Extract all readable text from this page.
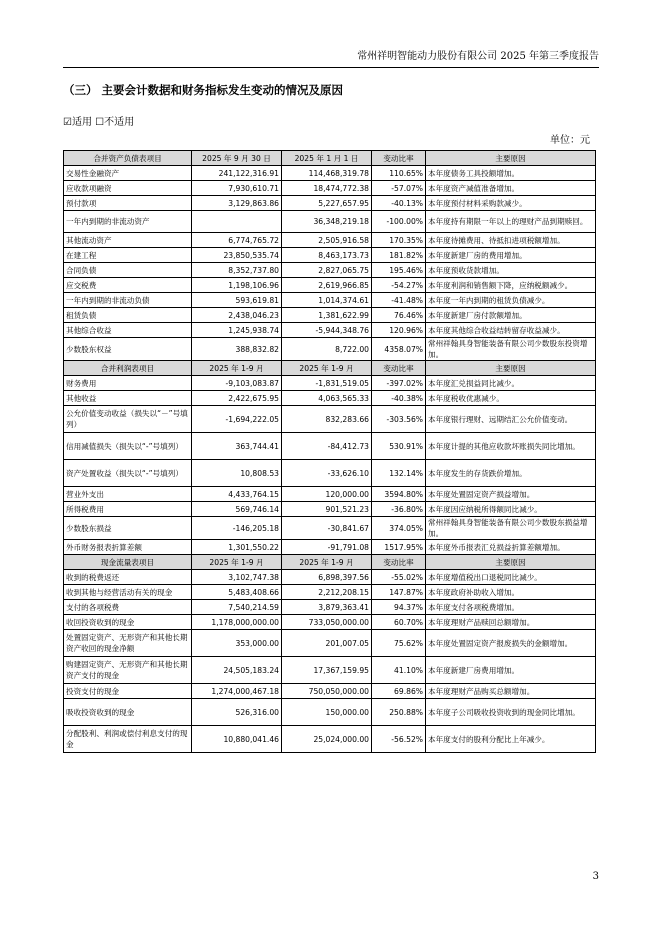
常州祥明智能动力股份有限公司 2025 年第三季度报告
（三） 主要会计数据和财务指标发生变动的情况及原因
☑适用 ☐不适用
单位：元
合并资产负债表项目	2025 年 9 月 30 日	2025 年 1 月 1 日	变动比率	主要原因
交易性金融资产	241,122,316.91	114,468,319.78	110.65%	本年度债务工具投额增加。
应收款项融资	7,930,610.71	18,474,772.38	-57.07%	本年度资产减值准备增加。
预付款项	3,129,863.86	5,227,657.95	-40.13%	本年度预付材料采购款减少。
一年内到期的非流动资产		36,348,219.18	-100.00%	本年度持有期限一年以上的理财产品到期赎回。
其他流动资产	6,774,765.72	2,505,916.58	170.35%	本年度待摊费用、待抵扣进项税额增加。
在建工程	23,850,535.74	8,463,173.73	181.82%	本年度新建厂房的费用增加。
合同负债	8,352,737.80	2,827,065.75	195.46%	本年度预收货款增加。
应交税费	1,198,106.96	2,619,966.85	-54.27%	本年度利润和销售额下降，应纳税额减少。
一年内到期的非流动负债	593,619.81	1,014,374.61	-41.48%	本年度一年内到期的租赁负债减少。
租赁负债	2,438,046.23	1,381,622.99	76.46%	本年度新建厂房付款额增加。
其他综合收益	1,245,938.74	-5,944,348.76	120.96%	本年度其他综合收益结转留存收益减少。
少数股东权益	388,832.82	8,722.00	4358.07%	常州祥翰具身智能装备有限公司少数股东投资增加。
合并利润表项目	2025 年 1-9 月	2025 年 1-9 月	变动比率	主要原因
财务费用	-9,103,083.87	-1,831,519.05	-397.02%	本年度汇兑损益同比减少。
其他收益	2,422,675.95	4,063,565.33	-40.38%	本年度税收优惠减少。
公允价值变动收益（损失以“－”号填列）	-1,694,222.05	832,283.66	-303.56%	本年度银行理财、远期结汇公允价值变动。
信用减值损失（损失以“-”号填列）	363,744.41	-84,412.73	530.91%	本年度计提的其他应收款坏账损失同比增加。
资产处置收益（损失以“-”号填列）	10,808.53	-33,626.10	132.14%	本年度发生的存货跌价增加。
营业外支出	4,433,764.15	120,000.00	3594.80%	本年度处置固定资产损益增加。
所得税费用	569,746.14	901,521.23	-36.80%	本年度因应纳税所得额同比减少。
少数股东损益	-146,205.18	-30,841.67	374.05%	常州祥翰具身智能装备有限公司少数股东损益增加。
外币财务报表折算差额	1,301,550.22	-91,791.08	1517.95%	本年度外币报表汇兑损益折算差额增加。
现金流量表项目	2025 年 1-9 月	2025 年 1-9 月	变动比率	主要原因
收到的税费返还	3,102,747.38	6,898,397.56	-55.02%	本年度增值税出口退税同比减少。
收到其他与经营活动有关的现金	5,483,408.66	2,212,208.15	147.87%	本年度政府补助收入增加。
支付的各项税费	7,540,214.59	3,879,363.41	94.37%	本年度支付各项税费增加。
收回投资收到的现金	1,178,000,000.00	733,050,000.00	60.70%	本年度理财产品赎回总额增加。
处置固定资产、无形资产和其他长期资产收回的现金净额	353,000.00	201,007.05	75.62%	本年度处置固定资产报废损失的金额增加。
购建固定资产、无形资产和其他长期资产支付的现金	24,505,183.24	17,367,159.95	41.10%	本年度新建厂房费用增加。
投资支付的现金	1,274,000,467.18	750,050,000.00	69.86%	本年度理财产品购买总额增加。
吸收投资收到的现金	526,316.00	150,000.00	250.88%	本年度子公司吸收投资收到的现金同比增加。
分配股利、利润或偿付利息支付的现金	10,880,041.46	25,024,000.00	-56.52%	本年度支付的股利分配比上年减少。
3
